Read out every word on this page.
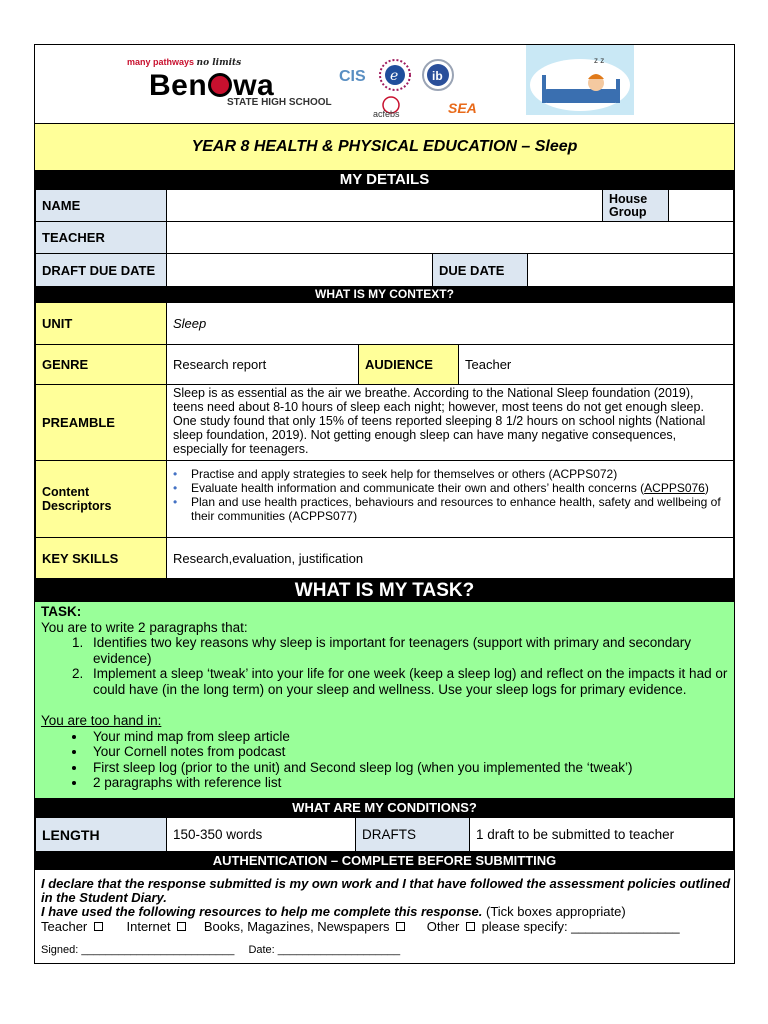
many pathways no limits
Ben wa
STATE HIGH SCHOOL
CIS e	ib
acfebs	SEA
z z
YEAR 8 HEALTH & PHYSICAL EDUCATION – Sleep
MY DETAILS
NAME	House Group
TEACHER
DRAFT DUE DATE	DUE DATE
WHAT IS MY CONTEXT?
UNIT	Sleep
GENRE	Research report	AUDIENCE	Teacher
PREAMBLE
Sleep is as essential as the air we breathe. According to the National Sleep foundation (2019), teens need about 8-10 hours of sleep each night; however, most teens do not get enough sleep. One study found that only 15% of teens reported sleeping 8 1/2 hours on school nights (National sleep foundation, 2019). Not getting enough sleep can have many negative consequences, especially for teenagers.
Content Descriptors
• Practise and apply strategies to seek help for themselves or others (ACPPS072)
• Evaluate health information and communicate their own and others’ health concerns (ACPPS076)
• Plan and use health practices, behaviours and resources to enhance health, safety and wellbeing of their communities (ACPPS077)
KEY SKILLS	Research,evaluation, justification
WHAT IS MY TASK?
TASK:
You are to write 2 paragraphs that:
1. Identifies two key reasons why sleep is important for teenagers (support with primary and secondary evidence)
2. Implement a sleep ‘tweak’ into your life for one week (keep a sleep log) and reflect on the impacts it had or could have (in the long term) on your sleep and wellness. Use your sleep logs for primary evidence.
You are too hand in:
• Your mind map from sleep article
• Your Cornell notes from podcast
• First sleep log (prior to the unit) and Second sleep log (when you implemented the ‘tweak’)
• 2 paragraphs with reference list
WHAT ARE MY CONDITIONS?
LENGTH	150-350 words	DRAFTS	1 draft to be submitted to teacher
AUTHENTICATION – COMPLETE BEFORE SUBMITTING
I declare that the response submitted is my own work and I that have followed the assessment policies outlined in the Student Diary.
I have used the following resources to help me complete this response. (Tick boxes appropriate)
Teacher	Internet	Books, Magazines, Newspapers	Other please specify: _______________
Signed: _________________________ Date: ____________________
